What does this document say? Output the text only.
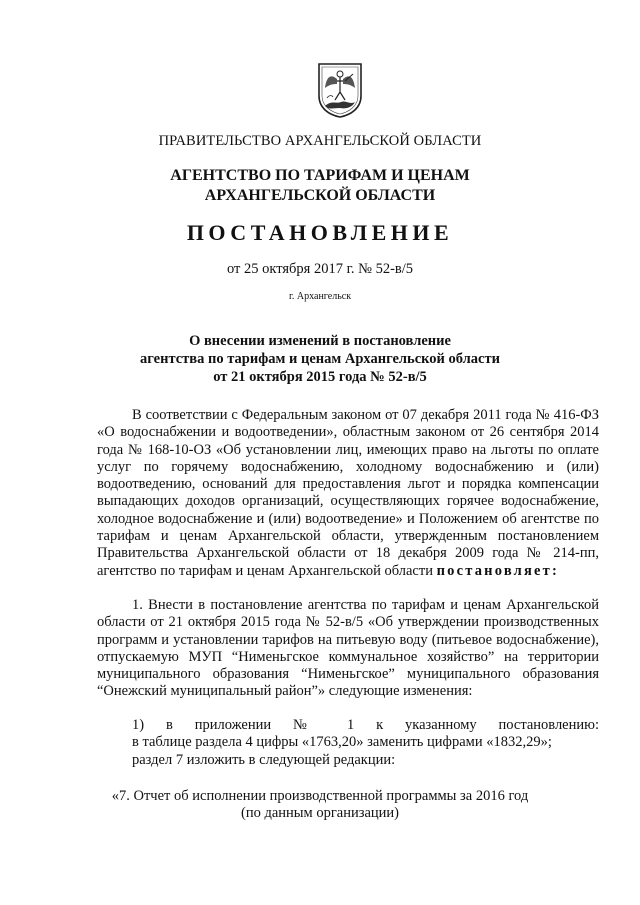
ПРАВИТЕЛЬСТВО АРХАНГЕЛЬСКОЙ ОБЛАСТИ
АГЕНТСТВО ПО ТАРИФАМ И ЦЕНАМ
АРХАНГЕЛЬСКОЙ ОБЛАСТИ
ПОСТАНОВЛЕНИЕ
от 25 октября 2017 г. № 52-в/5
г. Архангельск
О внесении изменений в постановление
агентства по тарифам и ценам Архангельской области
от 21 октября 2015 года № 52-в/5

В соответствии с Федеральным законом от 07 декабря 2011 года № 416-ФЗ «О водоснабжении и водоотведении», областным законом от 26 сентября 2014 года № 168-10-ОЗ «Об установлении лиц, имеющих право на льготы по оплате услуг по горячему водоснабжению, холодному водоснабжению и (или) водоотведению, оснований для предоставления льгот и порядка компенсации выпадающих доходов организаций, осуществляющих горячее водоснабжение, холодное водоснабжение и (или) водоотведение» и Положением об агентстве по тарифам и ценам Архангельской области, утвержденным постановлением Правительства Архангельской области от 18 декабря 2009 года № 214-пп, агентство по тарифам и ценам Архангельской области постановляет:

1. Внести в постановление агентства по тарифам и ценам Архангельской области от 21 октября 2015 года № 52-в/5 «Об утверждении производственных программ и установлении тарифов на питьевую воду (питьевое водоснабжение), отпускаемую МУП “Нименьгское коммунальное хозяйство” на территории муниципального образования “Нименьгское” муниципального образования “Онежский муниципальный район”» следующие изменения:

1) в приложении № 1 к указанному постановлению:

в таблице раздела 4 цифры «1763,20» заменить цифрами «1832,29»;

раздел 7 изложить в следующей редакции:

«7. Отчет об исполнении производственной программы за 2016 год
(по данным организации)
